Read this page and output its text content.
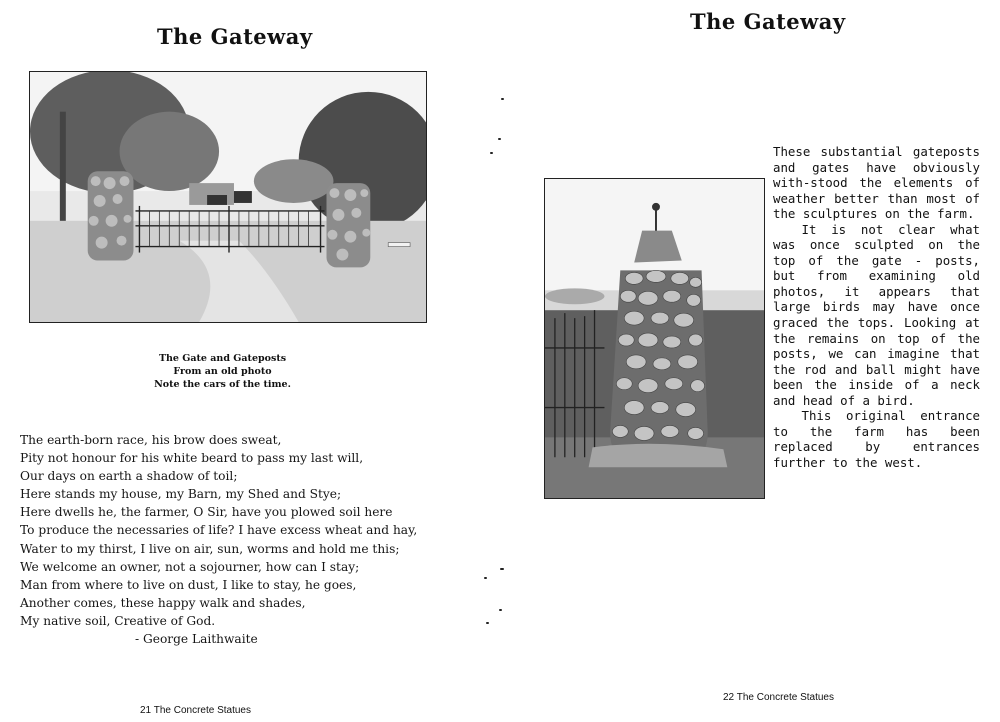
The Gateway
The Gate and Gateposts
From an old photo
Note the cars of the time.
The earth-born race, his brow does sweat,
Pity not honour for his white beard to pass my last will,
Our days on earth a shadow of toil;
Here stands my house, my Barn, my Shed and Stye;
Here dwells he, the farmer, O Sir, have you plowed soil here
To produce the necessaries of life? I have excess wheat and hay,
Water to my thirst, I live on air, sun, worms and hold me this;
We welcome an owner, not a sojourner, how can I stay;
Man from where to live on dust, I like to stay, he goes,
Another comes, these happy walk and shades,
My native soil, Creative of God.
- George Laithwaite
21 The Concrete Statues
The Gateway

These substantial gateposts and gates have obviously with-stood the elements of weather better than most of the sculptures on the farm.

It is not clear what was once sculpted on the top of the gate - posts, but from examining old photos, it appears that large birds may have once graced the tops. Looking at the remains on top of the posts, we can imagine that the rod and ball might have been the inside of a neck and head of a bird.

This original entrance to the farm has been replaced by entrances further to the west.

22 The Concrete Statues
